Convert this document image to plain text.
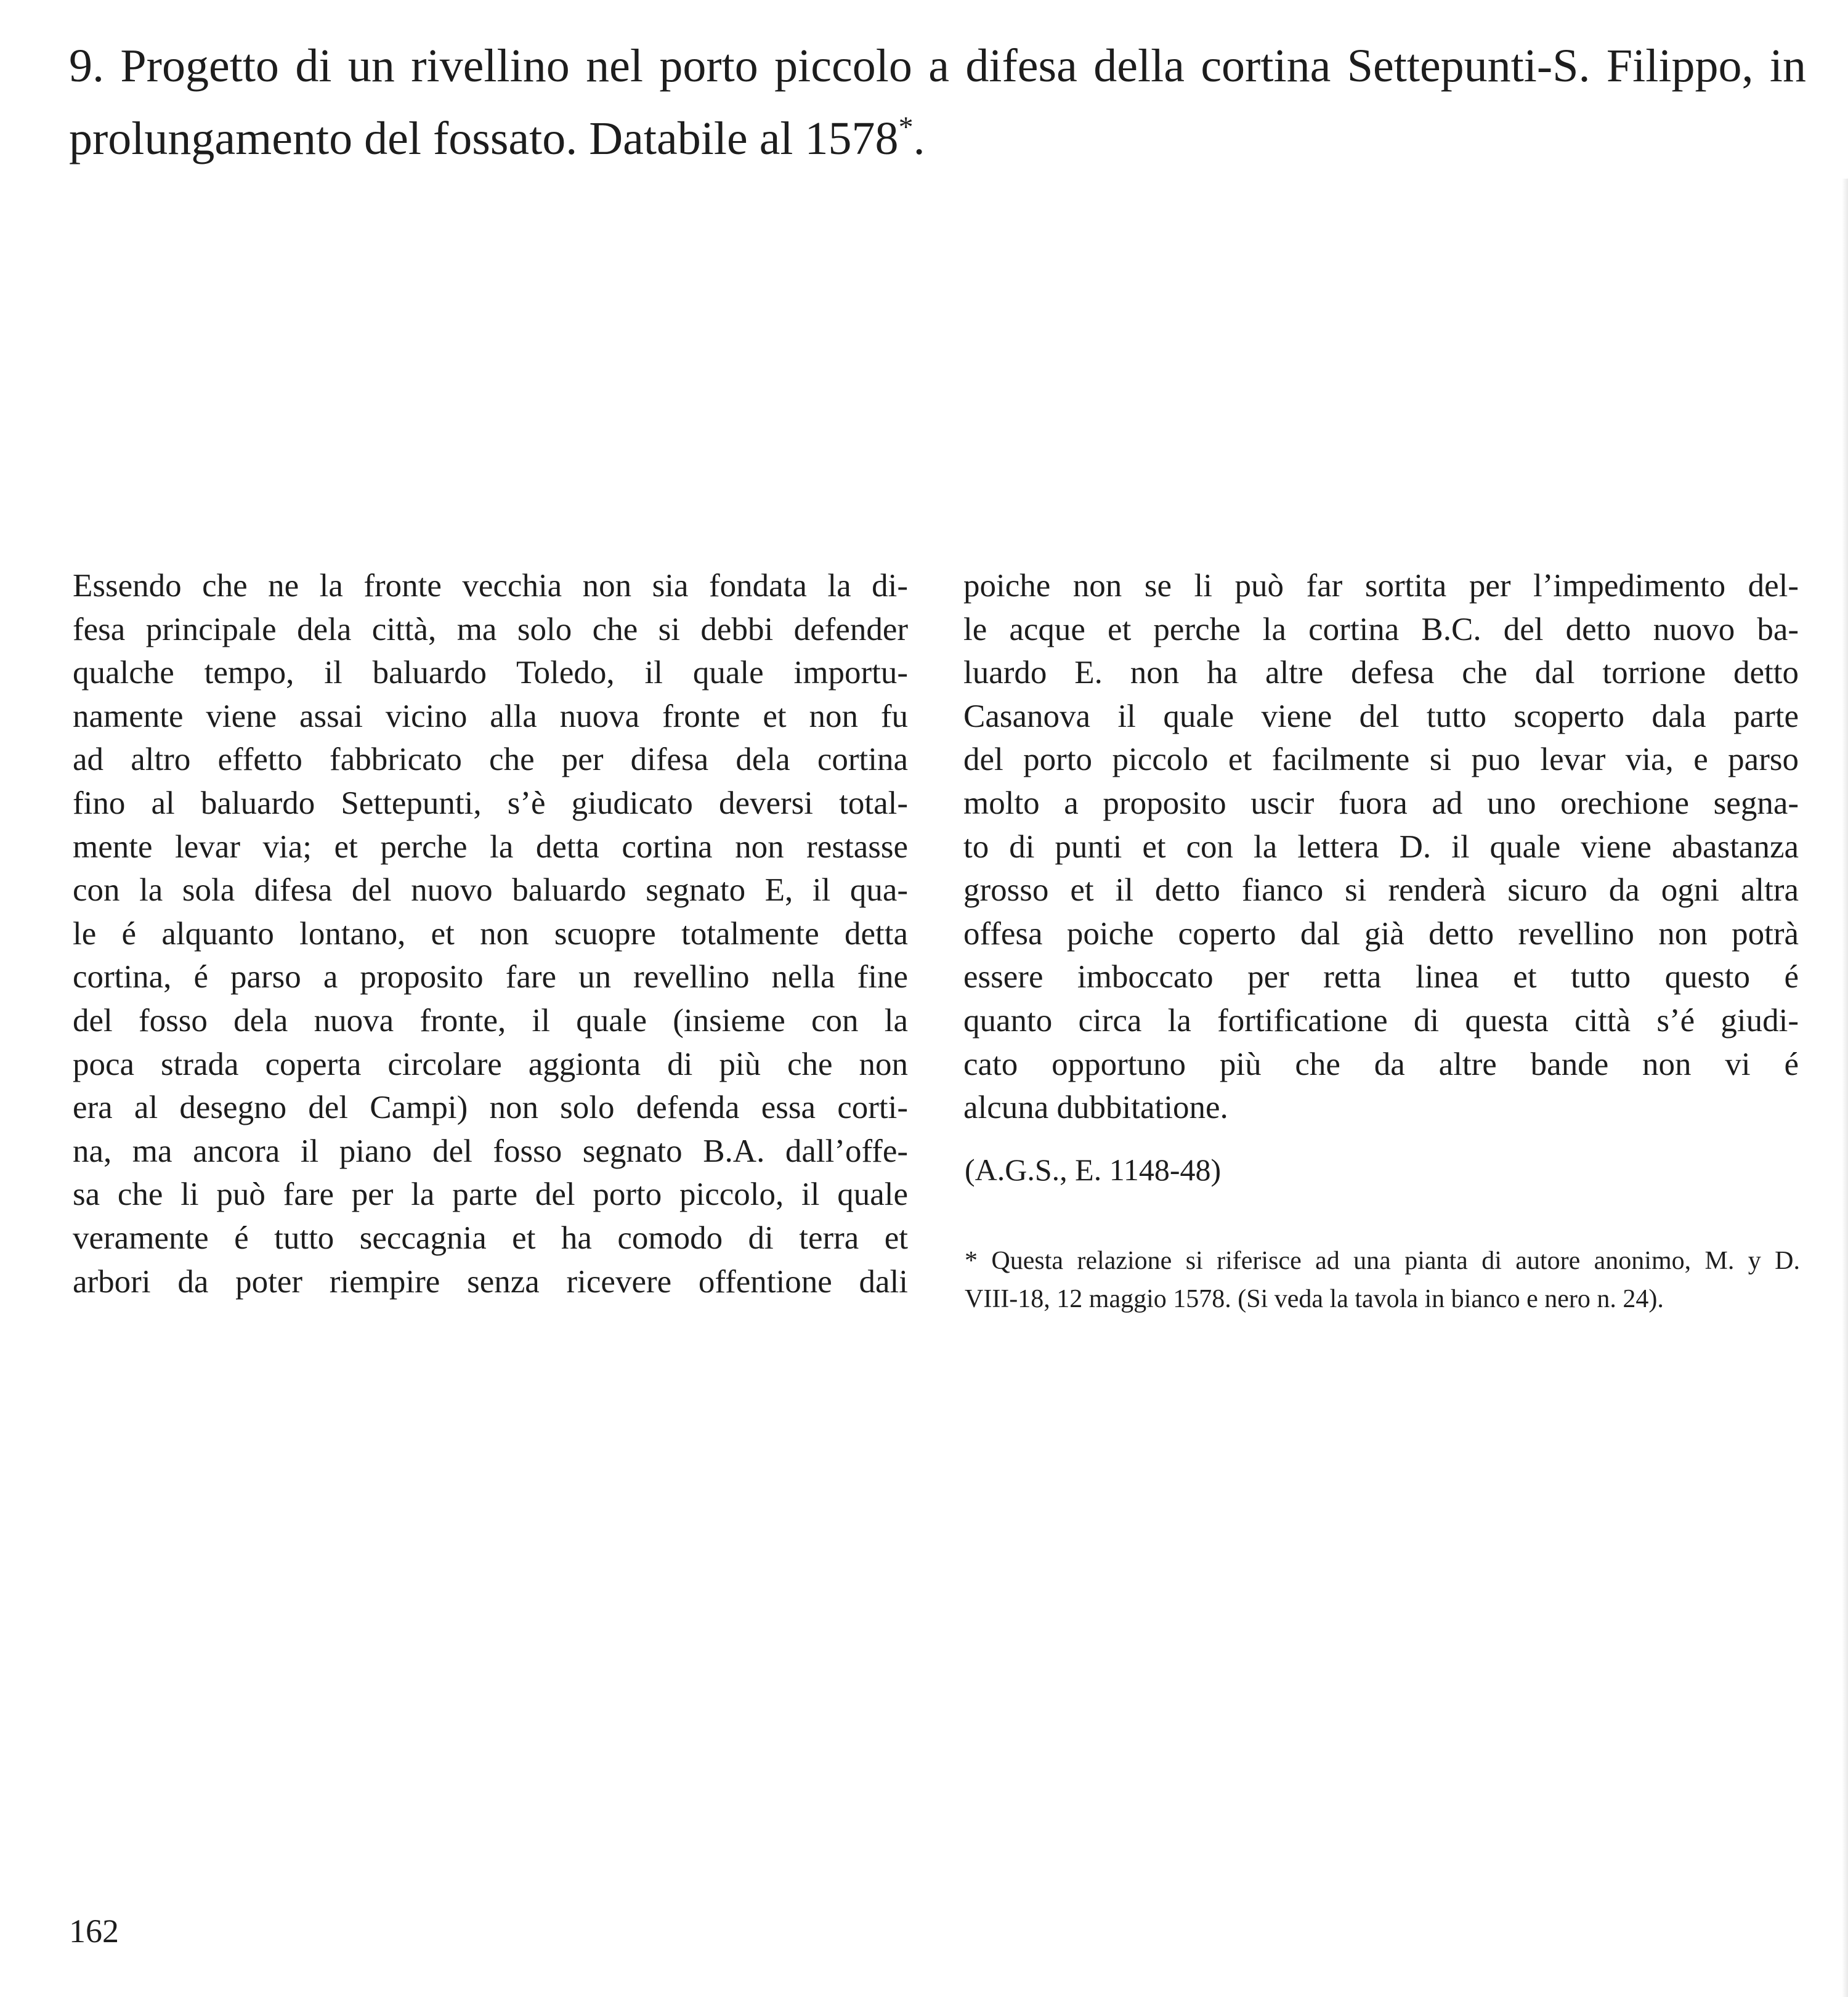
9. Progetto di un rivellino nel porto piccolo a difesa della cortina Settepunti-S. Filippo, in prolungamento del fossato. Databile al 1578*.
Essendo che ne la fronte vecchia non sia fondata la di-
fesa principale dela città, ma solo che si debbi defender
qualche tempo, il baluardo Toledo, il quale importu-
namente viene assai vicino alla nuova fronte et non fu
ad altro effetto fabbricato che per difesa dela cortina
fino al baluardo Settepunti, s’è giudicato deversi total-
mente levar via; et perche la detta cortina non restasse
con la sola difesa del nuovo baluardo segnato E, il qua-
le é alquanto lontano, et non scuopre totalmente detta
cortina, é parso a proposito fare un revellino nella fine
del fosso dela nuova fronte, il quale (insieme con la
poca strada coperta circolare aggionta di più che non
era al desegno del Campi) non solo defenda essa corti-
na, ma ancora il piano del fosso segnato B.A. dall’offe-
sa che li può fare per la parte del porto piccolo, il quale
veramente é tutto seccagnia et ha comodo di terra et
arbori da poter riempire senza ricevere offentione dali
poiche non se li può far sortita per l’impedimento del-
le acque et perche la cortina B.C. del detto nuovo ba-
luardo E. non ha altre defesa che dal torrione detto
Casanova il quale viene del tutto scoperto dala parte
del porto piccolo et facilmente si puo levar via, e parso
molto a proposito uscir fuora ad uno orechione segna-
to di punti et con la lettera D. il quale viene abastanza
grosso et il detto fianco si renderà sicuro da ogni altra
offesa poiche coperto dal già detto revellino non potrà
essere imboccato per retta linea et tutto questo é
quanto circa la fortificatione di questa città s’é giudi-
cato opportuno più che da altre bande non vi é
alcuna dubbitatione.
(A.G.S., E. 1148-48)
* Questa relazione si riferisce ad una pianta di autore anonimo, M. y D.
VIII-18, 12 maggio 1578. (Si veda la tavola in bianco e nero n. 24).
162
